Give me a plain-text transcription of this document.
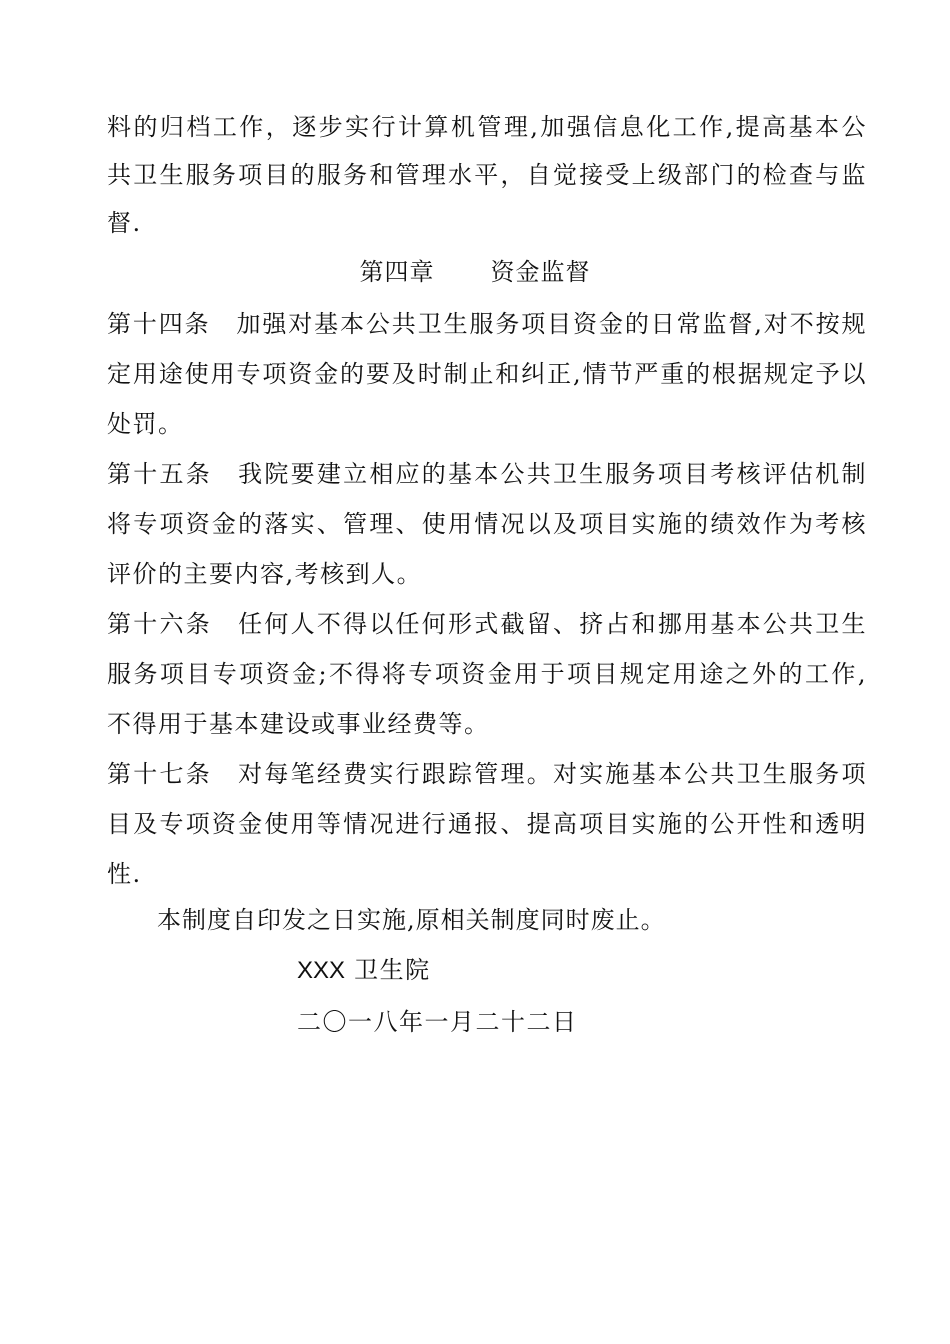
料的归档工作，逐步实行计算机管理,加强信息化工作,提高基本公
共卫生服务项目的服务和管理水平，自觉接受上级部门的检查与监
督.
第四章 资金监督
第十四条　加强对基本公共卫生服务项目资金的日常监督,对不按规
定用途使用专项资金的要及时制止和纠正,情节严重的根据规定予以
处罚。
第十五条　我院要建立相应的基本公共卫生服务项目考核评估机制
将专项资金的落实、管理、使用情况以及项目实施的绩效作为考核
评价的主要内容,考核到人。
第十六条　任何人不得以任何形式截留、挤占和挪用基本公共卫生
服务项目专项资金;不得将专项资金用于项目规定用途之外的工作,
不得用于基本建设或事业经费等。
第十七条　对每笔经费实行跟踪管理。对实施基本公共卫生服务项
目及专项资金使用等情况进行通报、提高项目实施的公开性和透明
性.
本制度自印发之日实施,原相关制度同时废止。
XXX 卫生院
二〇一八年一月二十二日
